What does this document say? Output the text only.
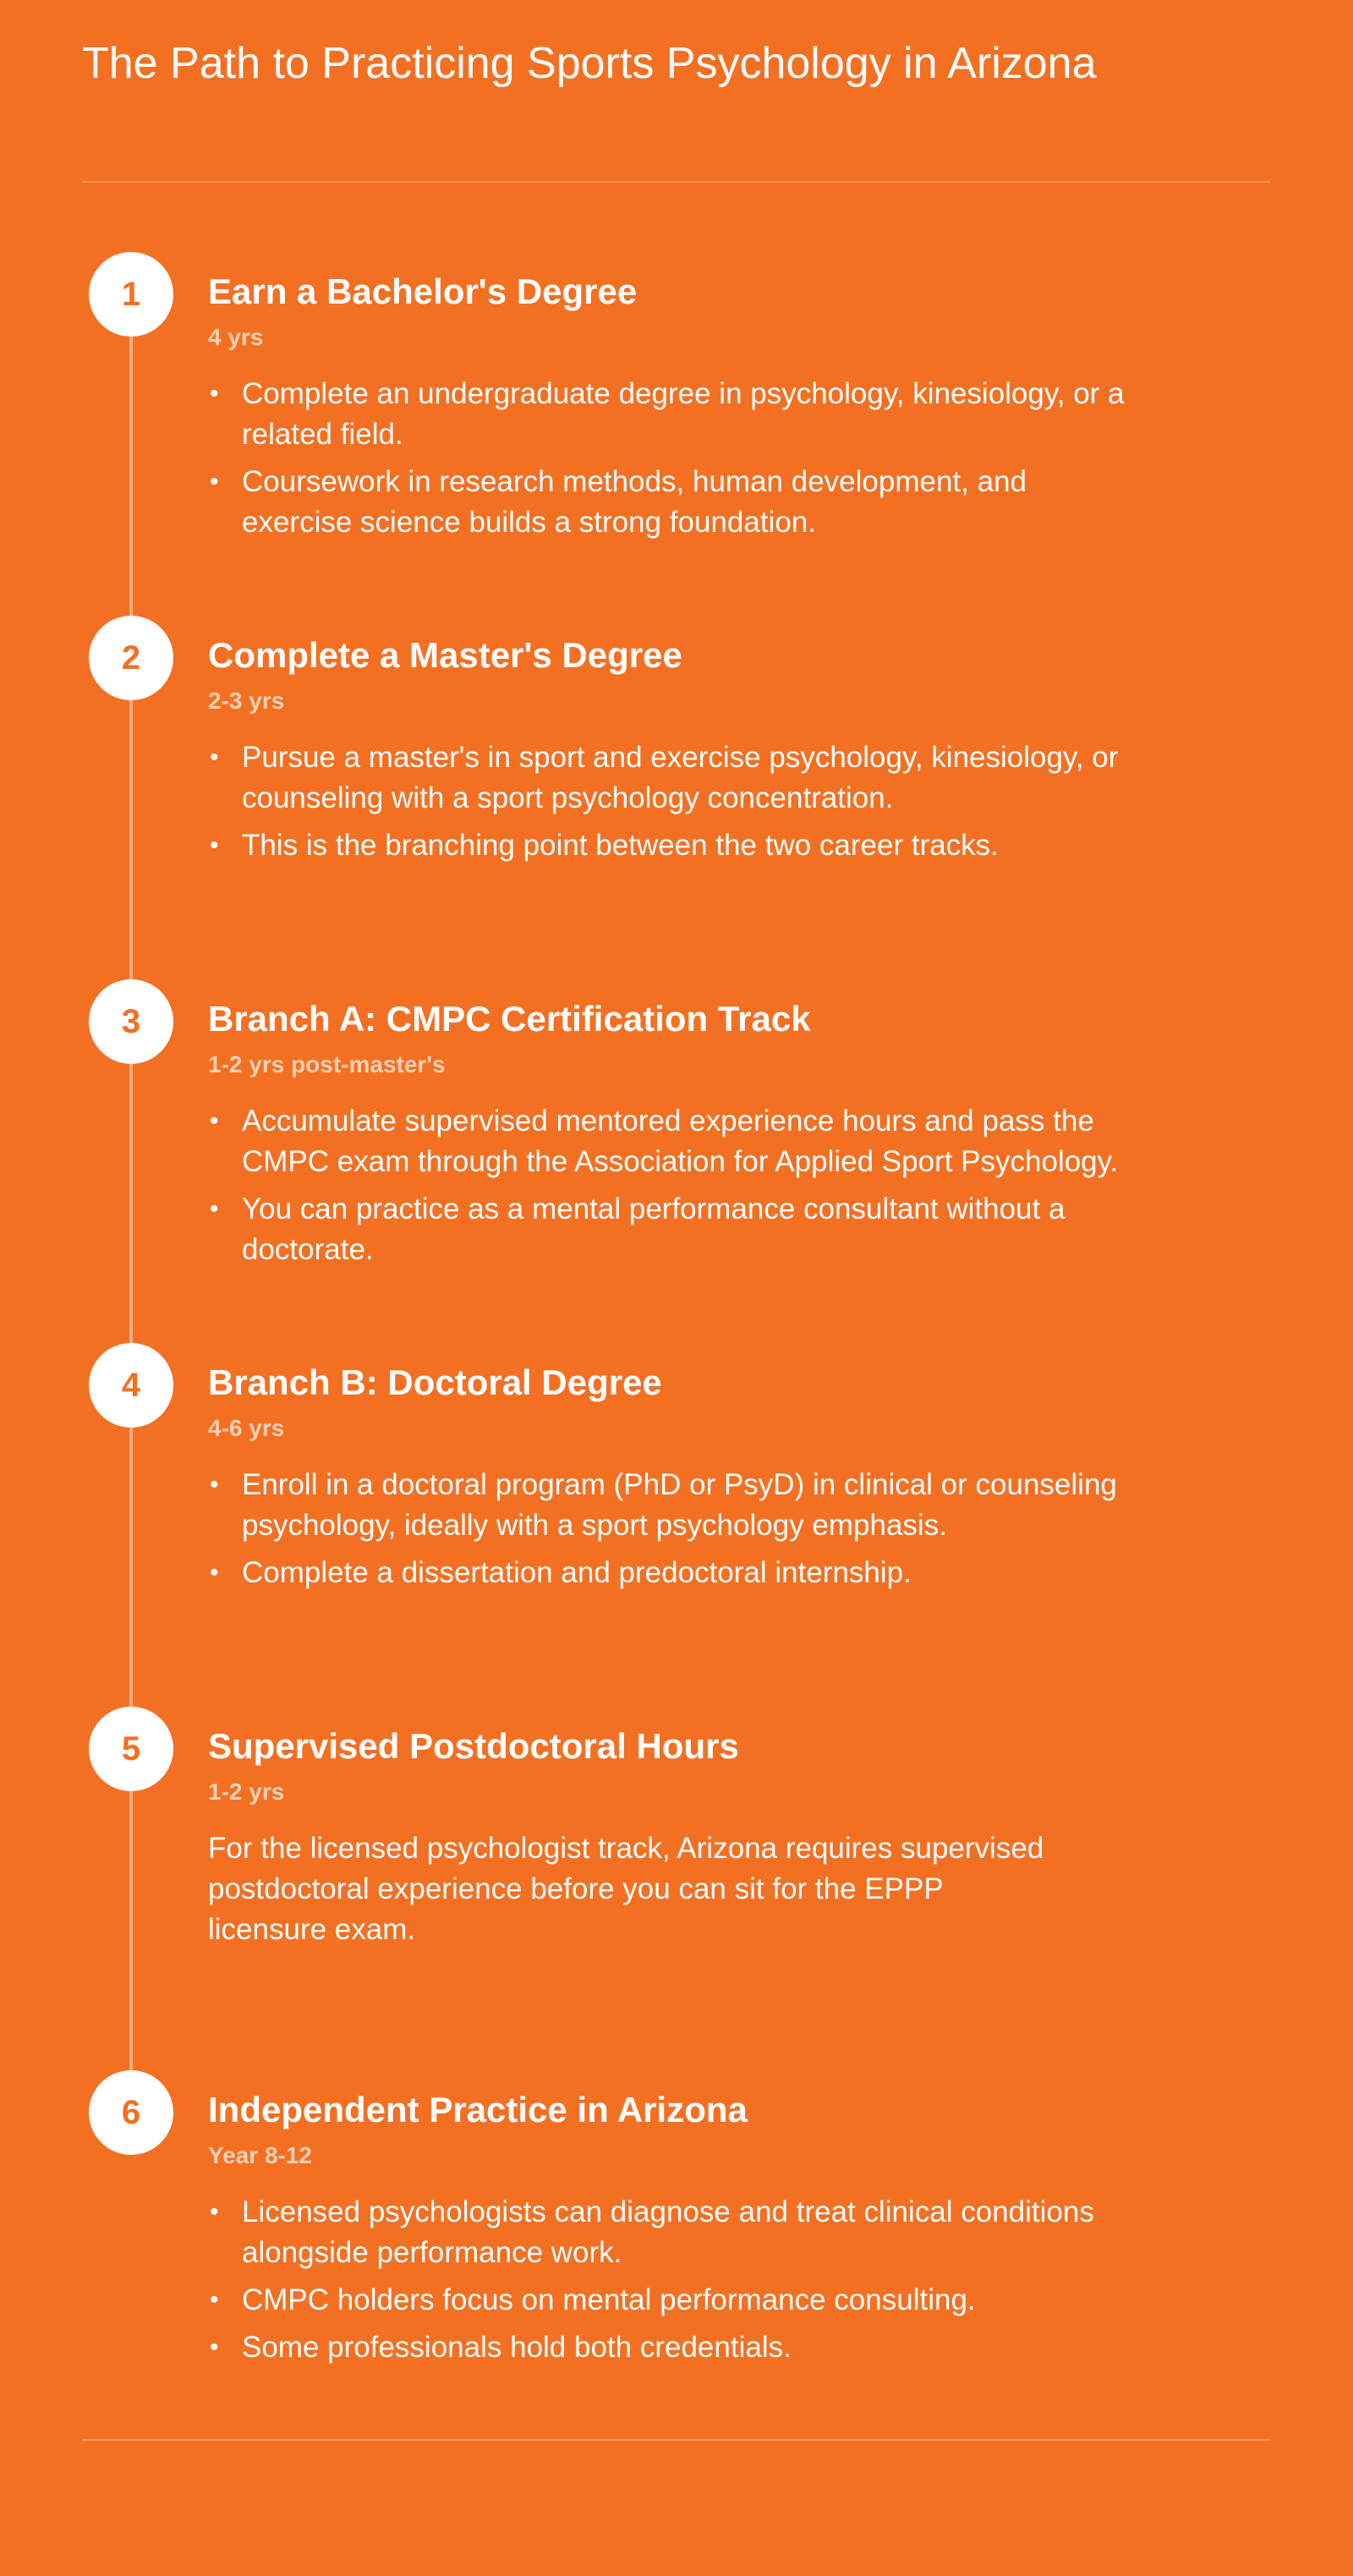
The Path to Practicing Sports Psychology in Arizona
1	Earn a Bachelor's Degree
4 yrs
• Complete an undergraduate degree in psychology, kinesiology, or a related field.
• Coursework in research methods, human development, and exercise science builds a strong foundation.
2	Complete a Master's Degree
2-3 yrs
• Pursue a master's in sport and exercise psychology, kinesiology, or counseling with a sport psychology concentration.
• This is the branching point between the two career tracks.
3	Branch A: CMPC Certification Track
1-2 yrs post-master's
• Accumulate supervised mentored experience hours and pass the CMPC exam through the Association for Applied Sport Psychology.
• You can practice as a mental performance consultant without a doctorate.
4	Branch B: Doctoral Degree
4-6 yrs
• Enroll in a doctoral program (PhD or PsyD) in clinical or counseling psychology, ideally with a sport psychology emphasis.
• Complete a dissertation and predoctoral internship.
5	Supervised Postdoctoral Hours
1-2 yrs

For the licensed psychologist track, Arizona requires supervised postdoctoral experience before you can sit for the EPPP licensure exam.

6	Independent Practice in Arizona
Year 8-12
• Licensed psychologists can diagnose and treat clinical conditions alongside performance work.
• CMPC holders focus on mental performance consulting.
• Some professionals hold both credentials.
